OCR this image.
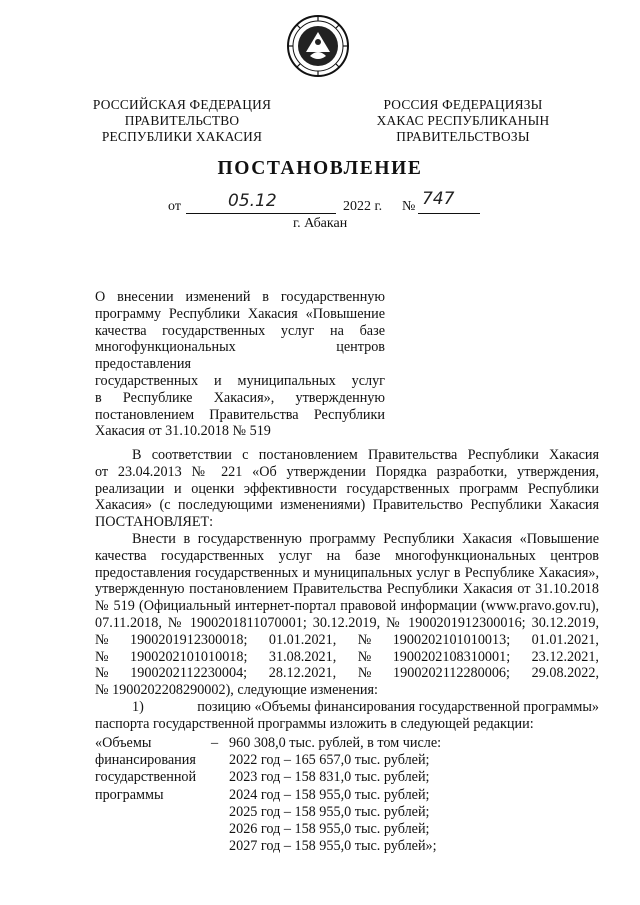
РОССИЙСКАЯ ФЕДЕРАЦИЯ
ПРАВИТЕЛЬСТВО
РЕСПУБЛИКИ ХАКАСИЯ
РОССИЯ ФЕДЕРАЦИЯЗЫ
ХАКАС РЕСПУБЛИКАНЫН
ПРАВИТЕЛЬСТВОЗЫ
ПОСТАНОВЛЕНИЕ
от	05.12	2022 г. № 747
г. Абакан
О внесении изменений в государственную
программу Республики Хакасия «Повышение
качества государственных услуг на базе
многофункциональных центров предоставления
государственных и муниципальных услуг
в Республике Хакасия», утвержденную
постановлением Правительства Республики
Хакасия от 31.10.2018 № 519
В соответствии с постановлением Правительства Республики Хакасия
от 23.04.2013 № 221 «Об утверждении Порядка разработки, утверждения,
реализации и оценки эффективности государственных программ Республики
Хакасия» (с последующими изменениями) Правительство Республики Хакасия
ПОСТАНОВЛЯЕТ:
Внести в государственную программу Республики Хакасия «Повышение
качества государственных услуг на базе многофункциональных центров
предоставления государственных и муниципальных услуг в Республике Хакасия»,
утвержденную постановлением Правительства Республики Хакасия от 31.10.2018
№ 519 (Официальный интернет-портал правовой информации (www.pravo.gov.ru),
07.11.2018, № 1900201811070001; 30.12.2019, № 1900201912300016; 30.12.2019,
№ 1900201912300018; 01.01.2021, № 1900202101010013; 01.01.2021,
№ 1900202101010018; 31.08.2021, № 1900202108310001; 23.12.2021,
№ 1900202112230004; 28.12.2021, № 1900202112280006; 29.08.2022,
№ 1900202208290002), следующие изменения:
1)	позицию «Объемы финансирования государственной программы»
паспорта государственной программы изложить в следующей редакции:
«Объемы
финансирования
государственной
программы
– 960 308,0 тыс. рублей, в том числе:
2022 год – 165 657,0 тыс. рублей;
2023 год – 158 831,0 тыс. рублей;
2024 год – 158 955,0 тыс. рублей;
2025 год – 158 955,0 тыс. рублей;
2026 год – 158 955,0 тыс. рублей;
2027 год – 158 955,0 тыс. рублей»;
